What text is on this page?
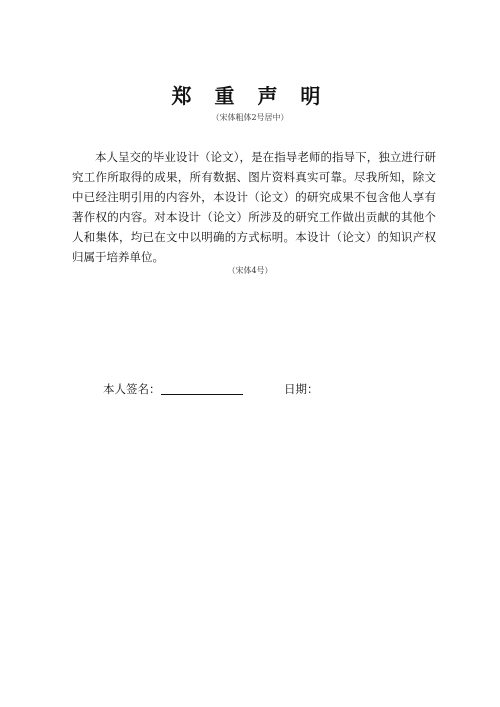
郑 重 声 明
（宋体粗体2号居中）

本人呈交的毕业设计（论文），是在指导老师的指导下，独立进行研究工作所取得的成果，所有数据、图片资料真实可靠。尽我所知，除文中已经注明引用的内容外，本设计（论文）的研究成果不包含他人享有著作权的内容。对本设计（论文）所涉及的研究工作做出贡献的其他个人和集体，均已在文中以明确的方式标明。本设计（论文）的知识产权归属于培养单位。

（宋体4号）
本人签名：	日期：
